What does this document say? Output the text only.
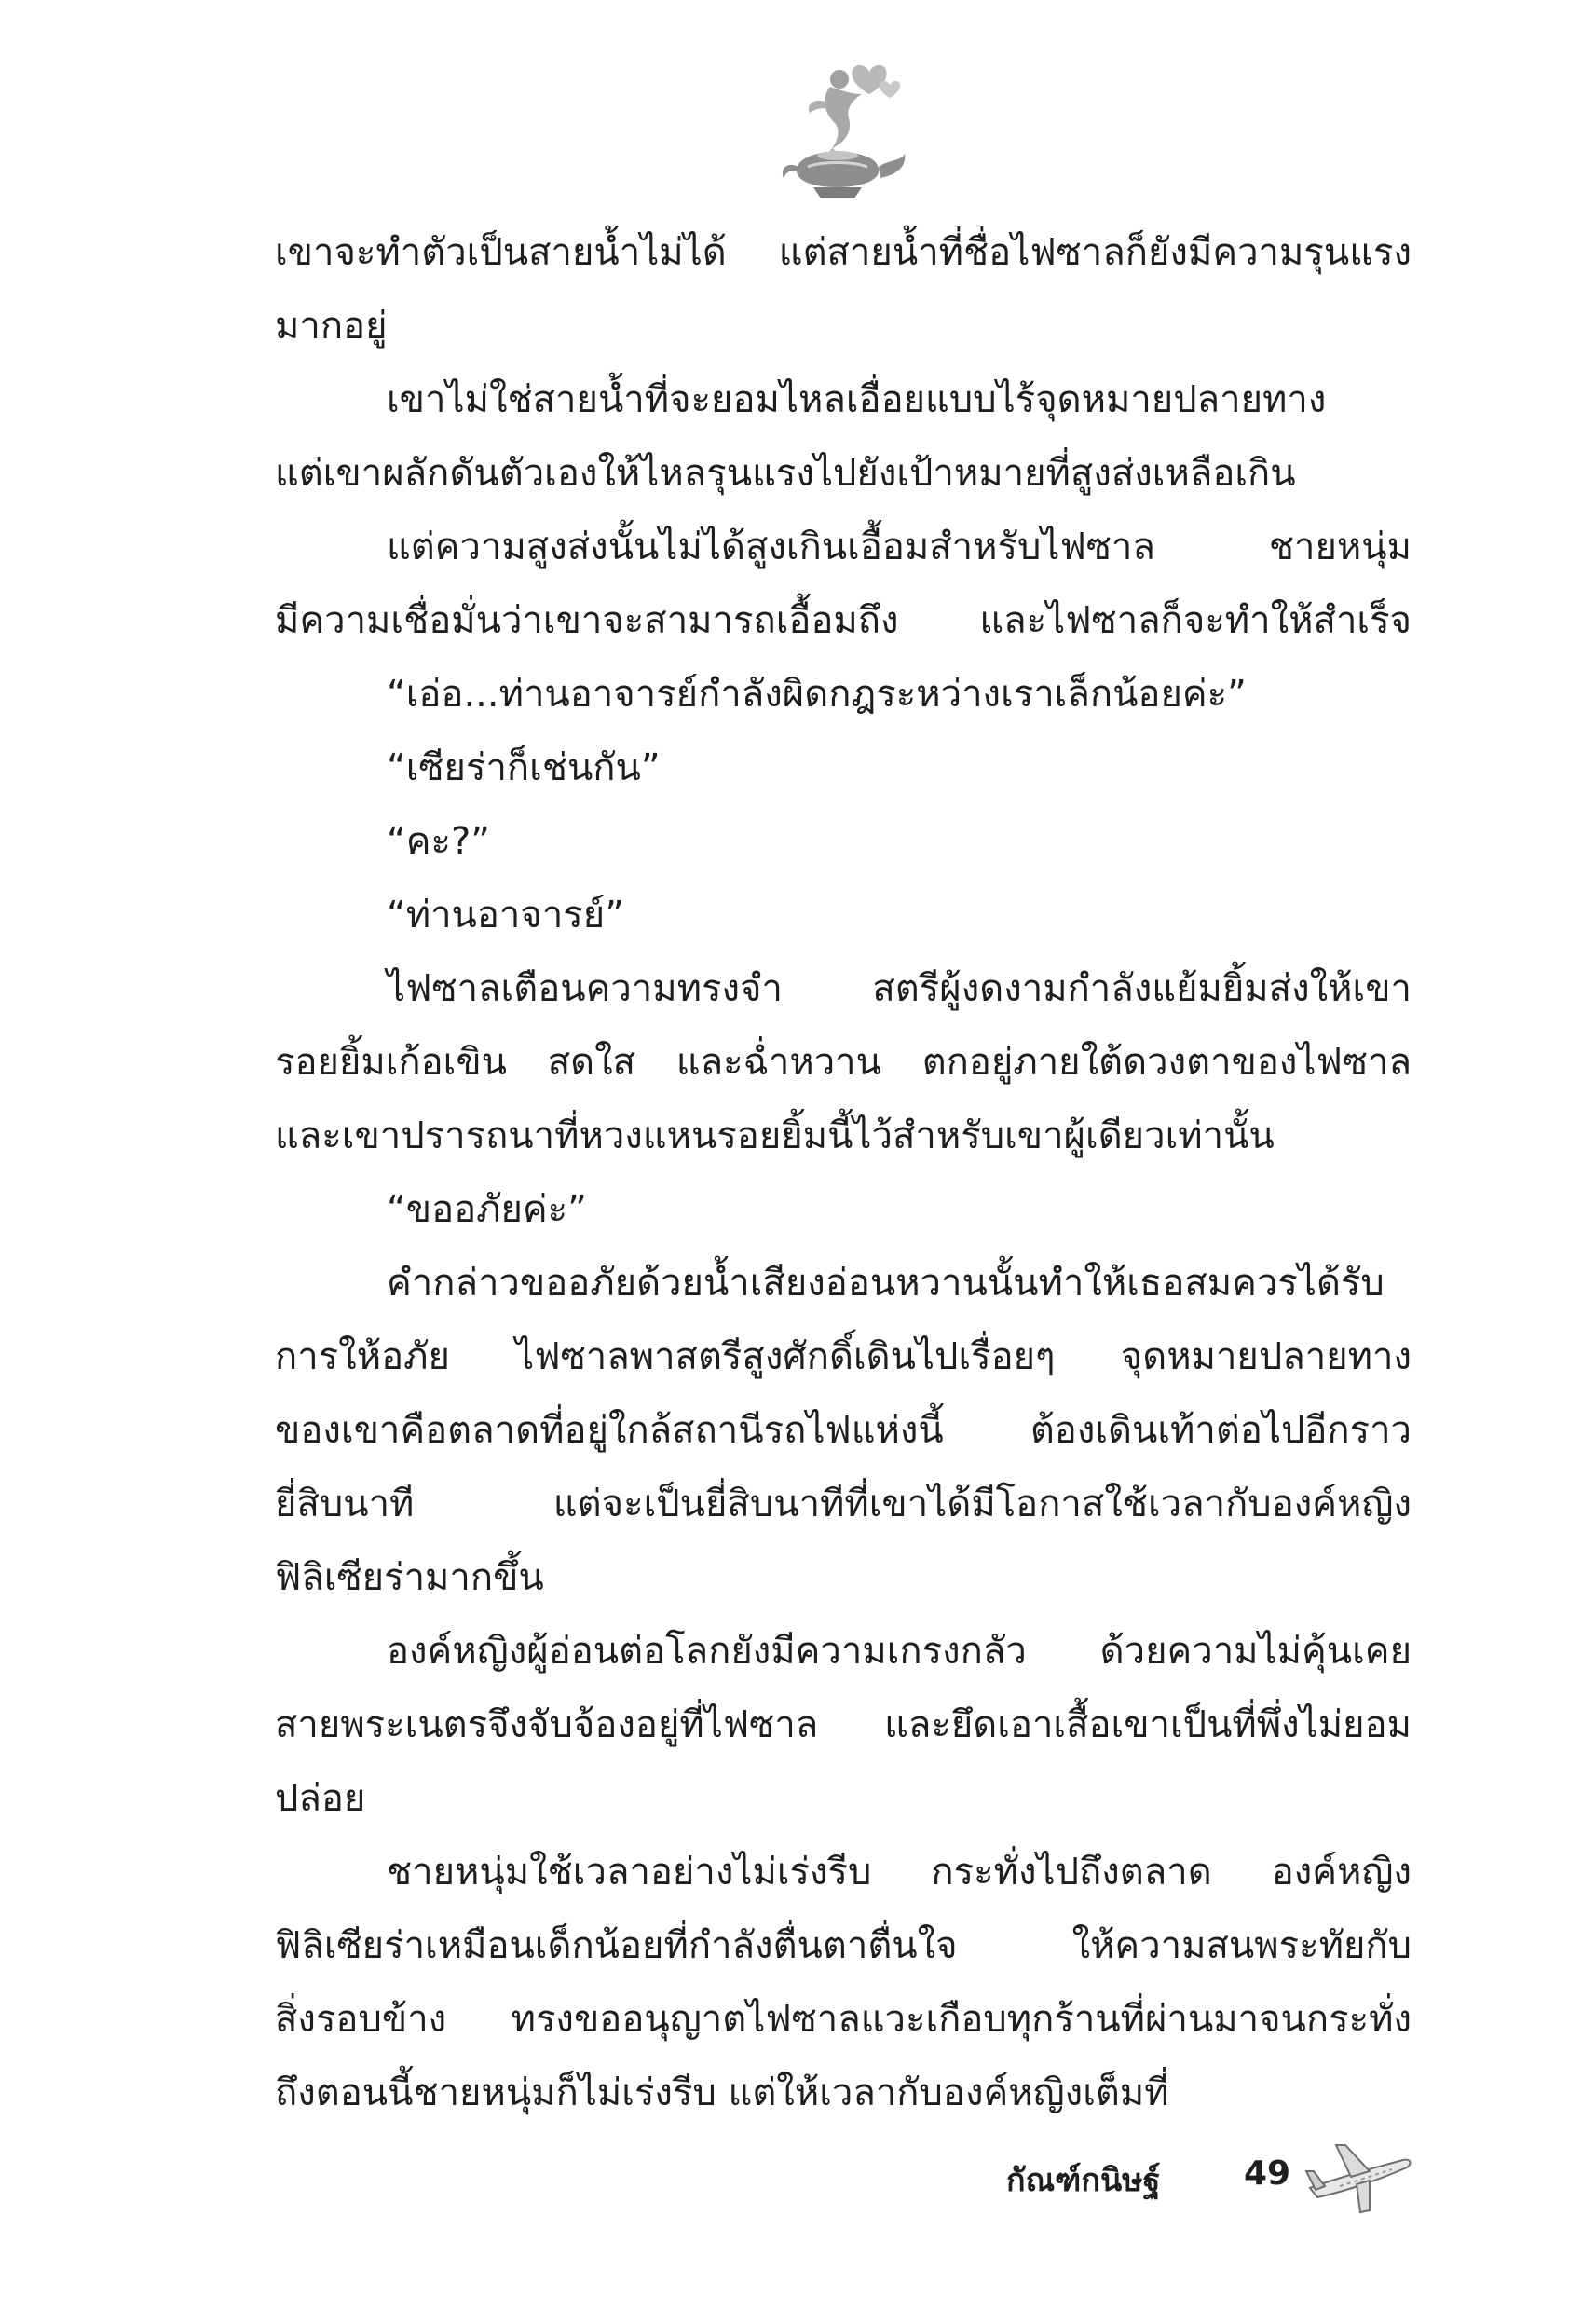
เขาจะทำตัวเป็นสายน้ำไม่ได้ แต่สายน้ำที่ชื่อไฟซาลก็ยังมีความรุนแรง
มากอยู่
เขาไม่ใช่สายน้ำที่จะยอมไหลเอื่อยแบบไร้จุดหมายปลายทาง
แต่เขาผลักดันตัวเองให้ไหลรุนแรงไปยังเป้าหมายที่สูงส่งเหลือเกิน
แต่ความสูงส่งนั้นไม่ได้สูงเกินเอื้อมสำหรับไฟซาล ชายหนุ่ม
มีความเชื่อมั่นว่าเขาจะสามารถเอื้อมถึง และไฟซาลก็จะทำให้สำเร็จ
“เอ่อ...ท่านอาจารย์กำลังผิดกฎระหว่างเราเล็กน้อยค่ะ”
“เซียร่าก็เช่นกัน”
“คะ?”
“ท่านอาจารย์”
ไฟซาลเตือนความทรงจำ สตรีผู้งดงามกำลังแย้มยิ้มส่งให้เขา
รอยยิ้มเก้อเขิน สดใส และฉ่ำหวาน ตกอยู่ภายใต้ดวงตาของไฟซาล
และเขาปรารถนาที่หวงแหนรอยยิ้มนี้ไว้สำหรับเขาผู้เดียวเท่านั้น
“ขออภัยค่ะ”
คำกล่าวขออภัยด้วยน้ำเสียงอ่อนหวานนั้นทำให้เธอสมควรได้รับ
การให้อภัย ไฟซาลพาสตรีสูงศักดิ์เดินไปเรื่อยๆ จุดหมายปลายทาง
ของเขาคือตลาดที่อยู่ใกล้สถานีรถไฟแห่งนี้ ต้องเดินเท้าต่อไปอีกราว
ยี่สิบนาที แต่จะเป็นยี่สิบนาทีที่เขาได้มีโอกาสใช้เวลากับองค์หญิง
ฟิลิเซียร่ามากขึ้น
องค์หญิงผู้อ่อนต่อโลกยังมีความเกรงกลัว ด้วยความไม่คุ้นเคย
สายพระเนตรจึงจับจ้องอยู่ที่ไฟซาล และยึดเอาเสื้อเขาเป็นที่พึ่งไม่ยอม
ปล่อย
ชายหนุ่มใช้เวลาอย่างไม่เร่งรีบ กระทั่งไปถึงตลาด องค์หญิง
ฟิลิเซียร่าเหมือนเด็กน้อยที่กำลังตื่นตาตื่นใจ ให้ความสนพระทัยกับ
สิ่งรอบข้าง ทรงขออนุญาตไฟซาลแวะเกือบทุกร้านที่ผ่านมาจนกระทั่ง
ถึงตอนนี้ชายหนุ่มก็ไม่เร่งรีบ แต่ให้เวลากับองค์หญิงเต็มที่
กัณฑ์กนิษฐ์ 49
